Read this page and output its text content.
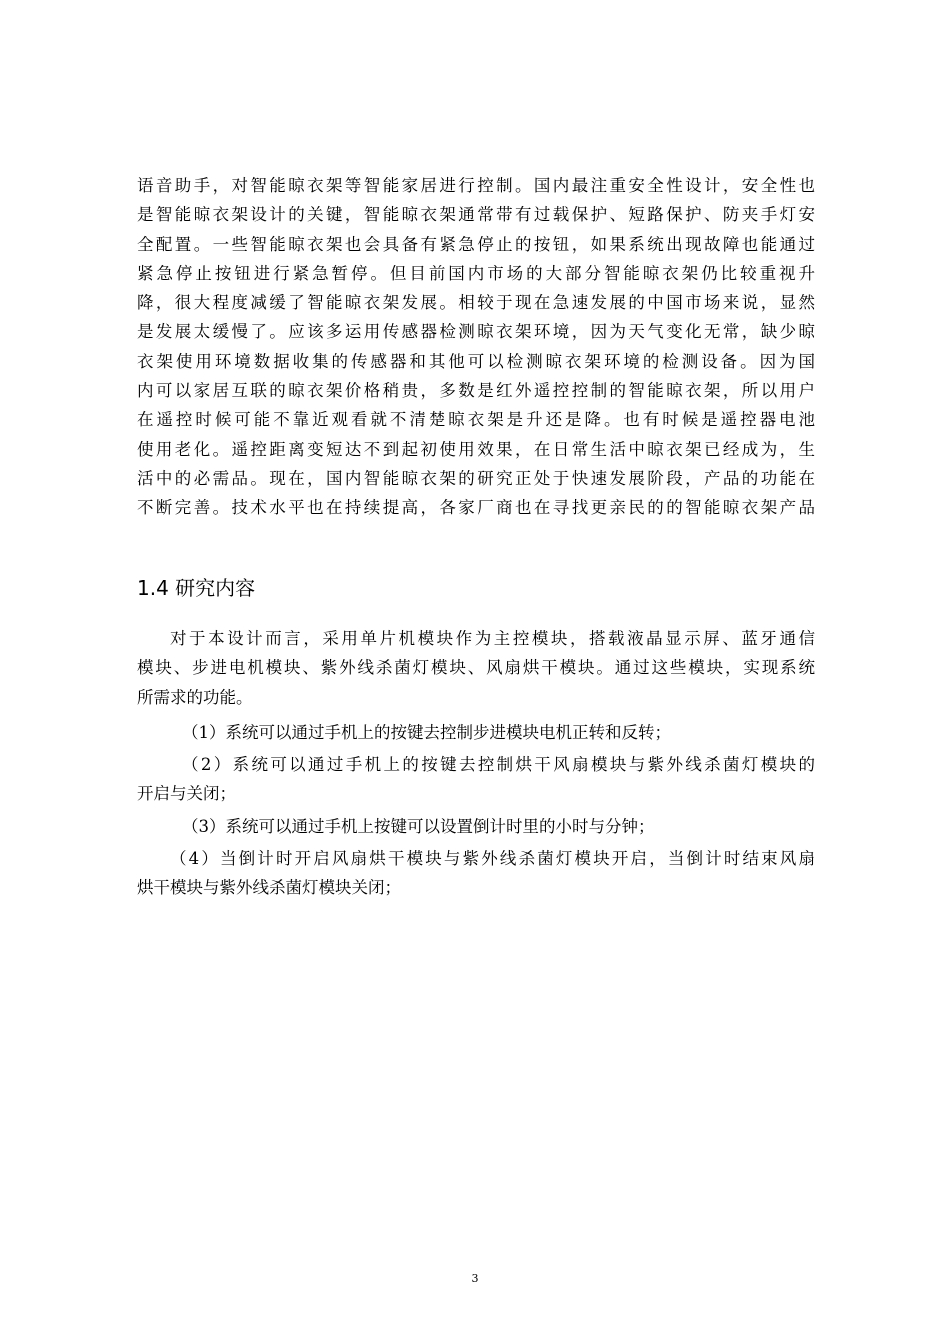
语音助手，对智能晾衣架等智能家居进行控制。国内最注重安全性设计，安全性也
是智能晾衣架设计的关键，智能晾衣架通常带有过载保护、短路保护、防夹手灯安
全配置。一些智能晾衣架也会具备有紧急停止的按钮，如果系统出现故障也能通过
紧急停止按钮进行紧急暂停。但目前国内市场的大部分智能晾衣架仍比较重视升
降，很大程度减缓了智能晾衣架发展。相较于现在急速发展的中国市场来说，显然
是发展太缓慢了。应该多运用传感器检测晾衣架环境，因为天气变化无常，缺少晾
衣架使用环境数据收集的传感器和其他可以检测晾衣架环境的检测设备。因为国
内可以家居互联的晾衣架价格稍贵，多数是红外遥控控制的智能晾衣架，所以用户
在遥控时候可能不靠近观看就不清楚晾衣架是升还是降。也有时候是遥控器电池
使用老化。遥控距离变短达不到起初使用效果，在日常生活中晾衣架已经成为，生
活中的必需品。现在，国内智能晾衣架的研究正处于快速发展阶段，产品的功能在
不断完善。技术水平也在持续提高，各家厂商也在寻找更亲民的的智能晾衣架产品
1.4 研究内容
对于本设计而言，采用单片机模块作为主控模块，搭载液晶显示屏、蓝牙通信
模块、步进电机模块、紫外线杀菌灯模块、风扇烘干模块。通过这些模块，实现系统
所需求的功能。
（1）系统可以通过手机上的按键去控制步进模块电机正转和反转；
（2）系统可以通过手机上的按键去控制烘干风扇模块与紫外线杀菌灯模块的
开启与关闭；
（3）系统可以通过手机上按键可以设置倒计时里的小时与分钟；
（4）当倒计时开启风扇烘干模块与紫外线杀菌灯模块开启，当倒计时结束风扇
烘干模块与紫外线杀菌灯模块关闭；
3
